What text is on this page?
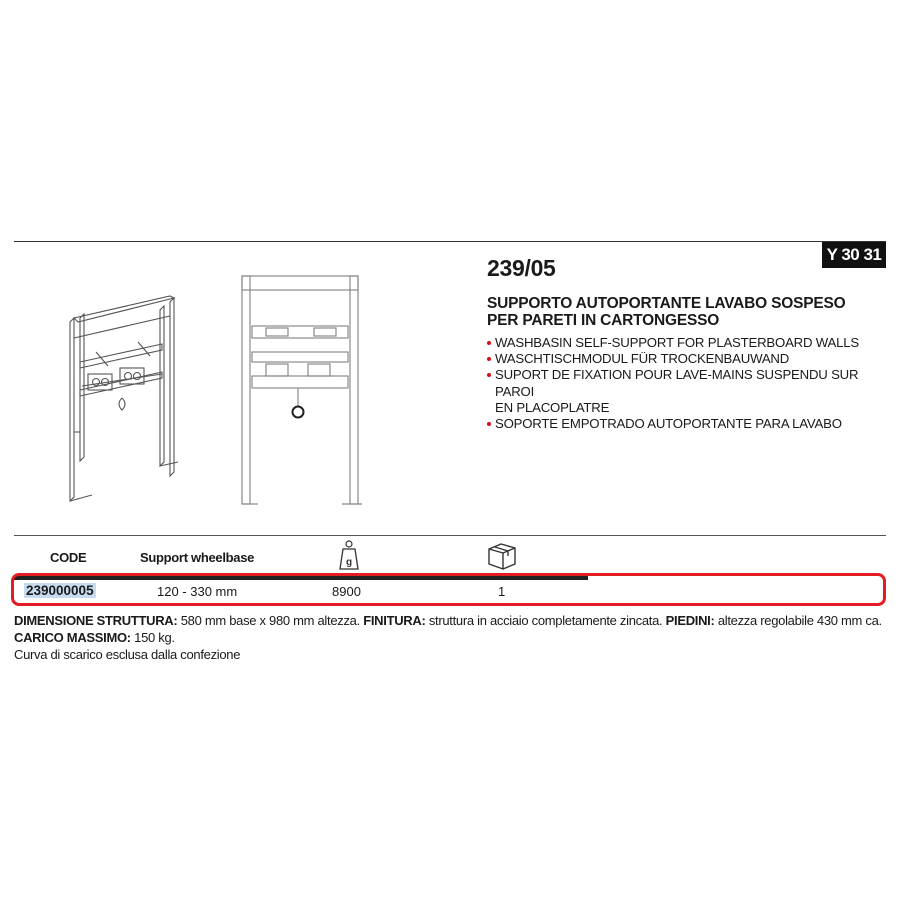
Y 30 31
239/05
SUPPORTO AUTOPORTANTE LAVABO SOSPESO
PER PARETI IN CARTONGESSO
WASHBASIN SELF-SUPPORT FOR PLASTERBOARD WALLS
WASCHTISCHMODUL FÜR TROCKENBAUWAND
SUPORT DE FIXATION POUR LAVE-MAINS SUSPENDU SUR PAROI
EN PLACOPLATRE
SOPORTE EMPOTRADO AUTOPORTANTE PARA LAVABO
CODE	Support wheelbase	g
239000005	120 - 330 mm	8900	1
DIMENSIONE STRUTTURA: 580 mm base x 980 mm altezza. FINITURA: struttura in acciaio completamente zincata. PIEDINI: altezza regolabile 430 mm ca. CARICO MASSIMO: 150 kg.
Curva di scarico esclusa dalla confezione
